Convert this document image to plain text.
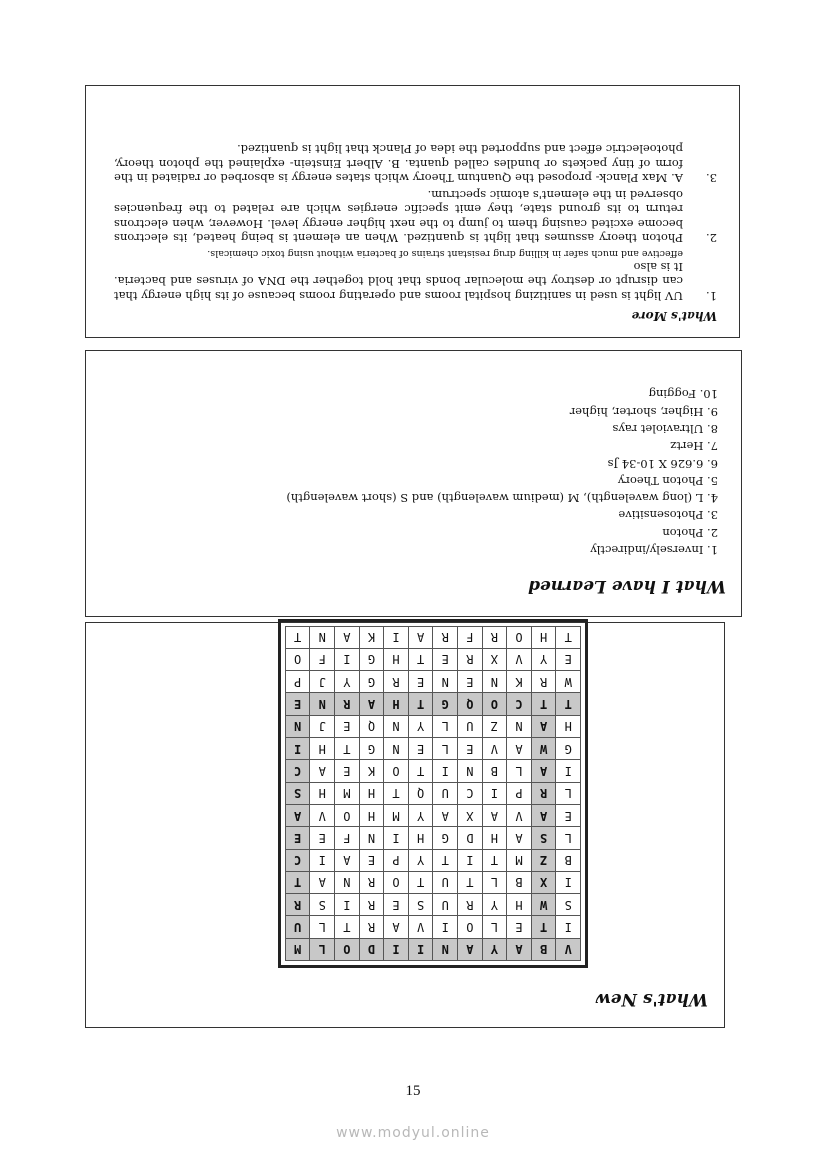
What's More
1.
UV light is used in sanitizing hospital rooms and operating rooms because of its high energy that can disrupt or destroy the molecular bonds that hold together the DNA of viruses and bacteria. It is also
effective and much safer in killing drug resistant strains of bacteria without using toxic chemicals.
2.
Photon theory assumes that light is quantized. When an element is being heated, its electrons become excited causing them to jump to the next higher energy level. However, when electrons return to its ground state, they emit specific energies which are related to the frequencies observed in the element's atomic spectrum.
3.
A. Max Planck- proposed the Quantum Theory which states energy is absorbed or radiated in the form of tiny packets or bundles called quanta. B. Albert Einstein- explained the photon theory, photoelectric effect and supported the idea of Planck that light is quantized.
What I have Learned
1. Inversely/indirectly
2. Photon
3. Photosensitive
4. L (long wavelength), M (medium wavelength) and S (short wavelength)
5. Photon Theory
6. 6.626 X 10-34 Js
7. Hertz
8. Ultraviolet rays
9. Higher, shorter, higher
10. Fogging
What's New
V	B	A	Y	A	N	I	I	D	O	L	M
I	T	E	L	O	I	V	A	R	T	L	U
S	W	H	Y	R	U	S	E	R	I	S	R
I	X	B	L	T	U	T	O	R	N	A	T
B	Z	M	T	I	T	Y	P	E	A	I	C
L	S	A	H	D	G	H	I	N	F	E	E
E	A	V	A	X	A	Y	M	H	O	V	A
L	R	P	I	C	U	Q	T	H	M	H	S
I	A	L	B	N	I	T	O	K	E	A	C
G	W	A	V	E	L	E	N	G	T	H	I
H	A	N	Z	U	L	Y	N	Q	E	J	N
T	T	C	O	Q	G	T	H	A	R	N	E
W	R	K	N	E	N	E	R	G	Y	J	P
E	Y	V	X	R	E	T	H	G	I	F	O
T	H	O	R	F	R	A	I	K	A	N	T
15
www.modyul.online
